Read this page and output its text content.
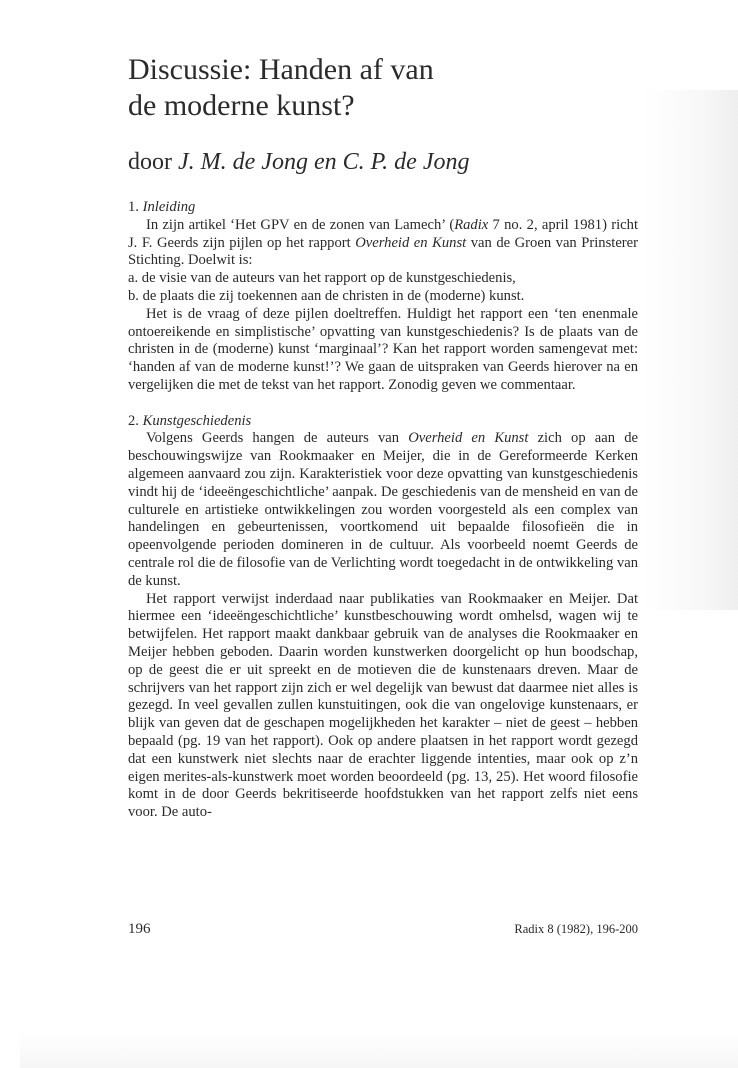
Discussie: Handen af van
de moderne kunst?
door J. M. de Jong en C. P. de Jong

1. Inleiding

In zijn artikel ‘Het GPV en de zonen van Lamech’ (Radix 7 no. 2, april 1981) richt J. F. Geerds zijn pijlen op het rapport Overheid en Kunst van de Groen van Prinsterer Stichting. Doelwit is:

a. de visie van de auteurs van het rapport op de kunstgeschiedenis,

b. de plaats die zij toekennen aan de christen in de (moderne) kunst.

Het is de vraag of deze pijlen doeltreffen. Huldigt het rapport een ‘ten enenmale ontoereikende en simplistische’ opvatting van kunstgeschiedenis? Is de plaats van de christen in de (moderne) kunst ‘marginaal’? Kan het rapport worden samengevat met: ‘handen af van de moderne kunst!’? We gaan de uitspraken van Geerds hierover na en vergelijken die met de tekst van het rapport. Zonodig geven we commentaar.

2. Kunstgeschiedenis

Volgens Geerds hangen de auteurs van Overheid en Kunst zich op aan de beschouwingswijze van Rookmaaker en Meijer, die in de Gereformeerde Kerken algemeen aanvaard zou zijn. Karakteristiek voor deze opvatting van kunstgeschiedenis vindt hij de ‘ideeëngeschichtliche’ aanpak. De geschiedenis van de mensheid en van de culturele en artistieke ontwikkelingen zou worden voorgesteld als een complex van handelingen en gebeurtenissen, voortkomend uit bepaalde filosofieën die in opeenvolgende perioden domineren in de cultuur. Als voorbeeld noemt Geerds de centrale rol die de filosofie van de Verlichting wordt toegedacht in de ontwikkeling van de kunst.

Het rapport verwijst inderdaad naar publikaties van Rookmaaker en Meijer. Dat hiermee een ‘ideeëngeschichtliche’ kunstbeschouwing wordt omhelsd, wagen wij te betwijfelen. Het rapport maakt dankbaar gebruik van de analyses die Rookmaaker en Meijer hebben geboden. Daarin worden kunstwerken doorgelicht op hun boodschap, op de geest die er uit spreekt en de motieven die de kunstenaars dreven. Maar de schrijvers van het rapport zijn zich er wel degelijk van bewust dat daarmee niet alles is gezegd. In veel gevallen zullen kunstuitingen, ook die van ongelovige kunstenaars, er blijk van geven dat de geschapen mogelijkheden het karakter – niet de geest – hebben bepaald (pg. 19 van het rapport). Ook op andere plaatsen in het rapport wordt gezegd dat een kunstwerk niet slechts naar de erachter liggende intenties, maar ook op z’n eigen merites-als-kunstwerk moet worden beoordeeld (pg. 13, 25). Het woord filosofie komt in de door Geerds bekritiseerde hoofdstukken van het rapport zelfs niet eens voor. De auto-

196	Radix 8 (1982), 196-200
